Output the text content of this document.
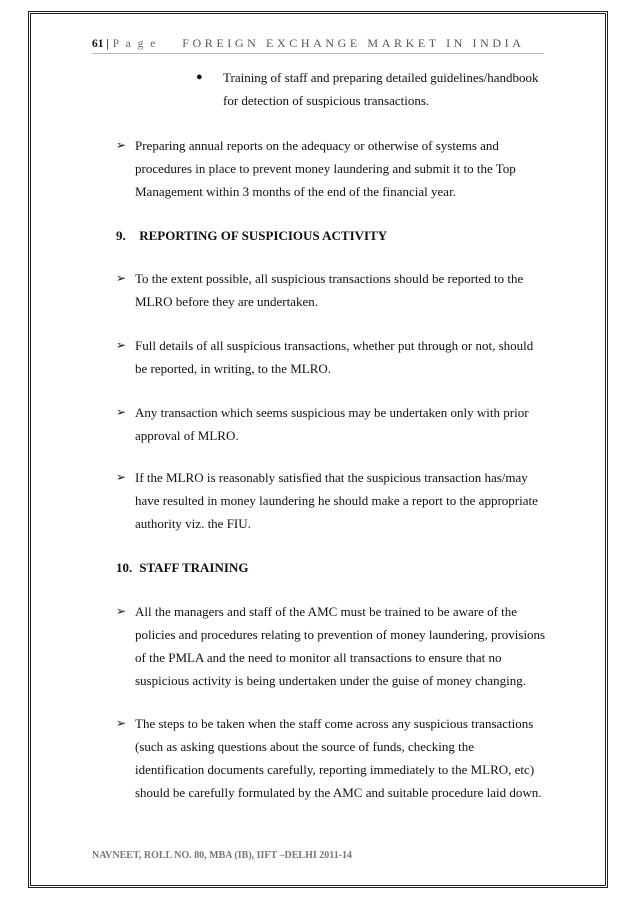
61 | P a g e FOREIGN EXCHANGE MARKET IN INDIA
● Training of staff and preparing detailed guidelines/handbook
for detection of suspicious transactions.
➢ Preparing annual reports on the adequacy or otherwise of systems and
procedures in place to prevent money laundering and submit it to the Top
Management within 3 months of the end of the financial year.
9. REPORTING OF SUSPICIOUS ACTIVITY
➢ To the extent possible, all suspicious transactions should be reported to the
MLRO before they are undertaken.
➢ Full details of all suspicious transactions, whether put through or not, should
be reported, in writing, to the MLRO.
➢ Any transaction which seems suspicious may be undertaken only with prior
approval of MLRO.
➢ If the MLRO is reasonably satisfied that the suspicious transaction has/may
have resulted in money laundering he should make a report to the appropriate
authority viz. the FIU.
10. STAFF TRAINING
➢ All the managers and staff of the AMC must be trained to be aware of the
policies and procedures relating to prevention of money laundering, provisions
of the PMLA and the need to monitor all transactions to ensure that no
suspicious activity is being undertaken under the guise of money changing.
➢ The steps to be taken when the staff come across any suspicious transactions
(such as asking questions about the source of funds, checking the
identification documents carefully, reporting immediately to the MLRO, etc)
should be carefully formulated by the AMC and suitable procedure laid down.
NAVNEET, ROLL NO. 80, MBA (IB), IIFT –DELHI 2011-14
